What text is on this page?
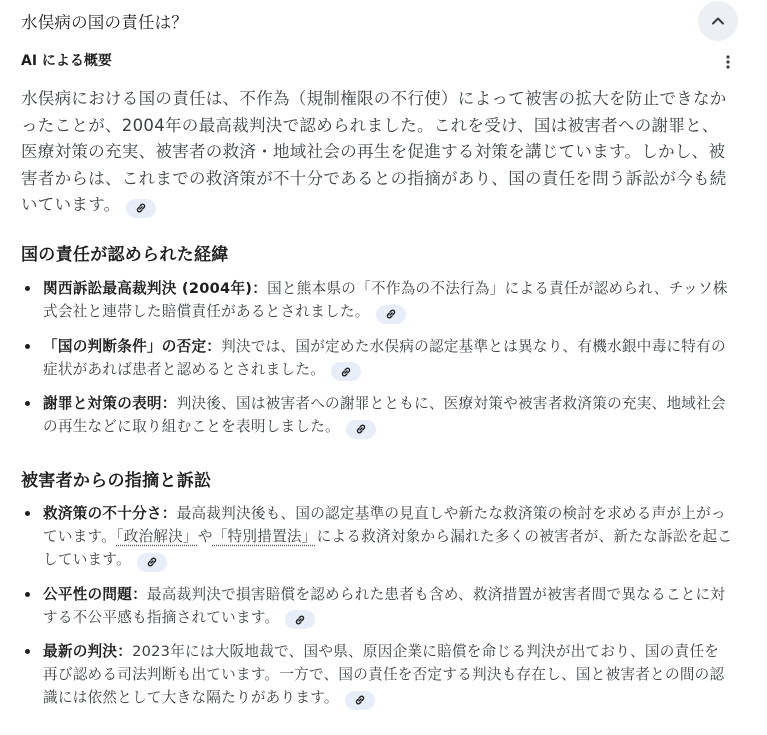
水俣病の国の責任は？
AI による概要

水俣病における国の責任は、不作為（規制権限の不行使）によって被害の拡大を防止できなかったことが、2004年の最高裁判決で認められました。これを受け、国は被害者への謝罪と、医療対策の充実、被害者の救済・地域社会の再生を促進する対策を講じています。しかし、被害者からは、これまでの救済策が不十分であるとの指摘があり、国の責任を問う訴訟が今も続いています。

国の責任が認められた経緯
関西訴訟最高裁判決 (2004年)：国と熊本県の「不作為の不法行為」による責任が認められ、チッソ株式会社と連帯した賠償責任があるとされました。
「国の判断条件」の否定：判決では、国が定めた水俣病の認定基準とは異なり、有機水銀中毒に特有の症状があれば患者と認めるとされました。
謝罪と対策の表明：判決後、国は被害者への謝罪とともに、医療対策や被害者救済策の充実、地域社会の再生などに取り組むことを表明しました。
被害者からの指摘と訴訟
救済策の不十分さ：最高裁判決後も、国の認定基準の見直しや新たな救済策の検討を求める声が上がっています。「政治解決」や「特別措置法」による救済対象から漏れた多くの被害者が、新たな訴訟を起こしています。
公平性の問題：最高裁判決で損害賠償を認められた患者も含め、救済措置が被害者間で異なることに対する不公平感も指摘されています。
最新の判決：2023年には大阪地裁で、国や県、原因企業に賠償を命じる判決が出ており、国の責任を再び認める司法判断も出ています。一方で、国の責任を否定する判決も存在し、国と被害者との間の認識には依然として大きな隔たりがあります。
